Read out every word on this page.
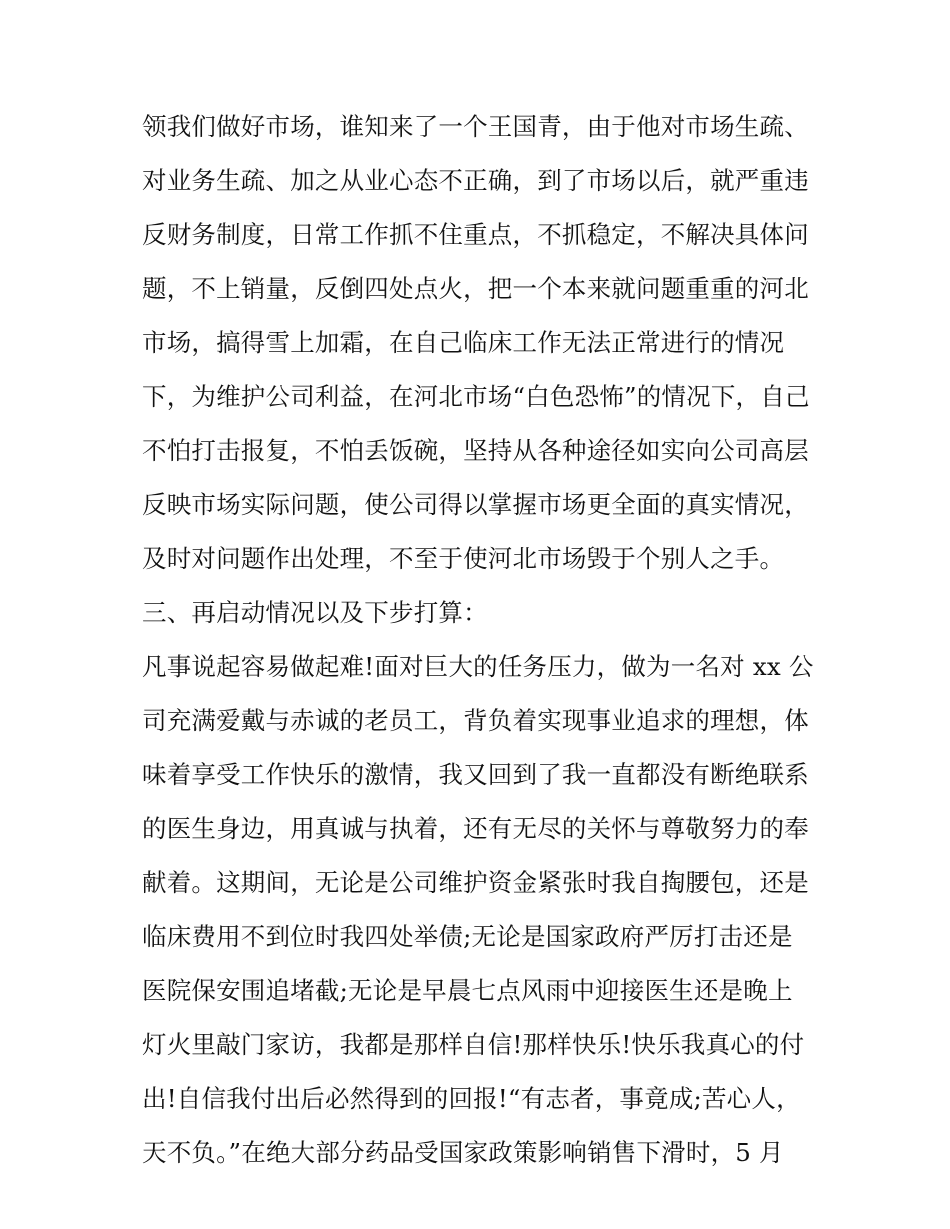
领我们做好市场，谁知来了一个王国青，由于他对市场生疏、
对业务生疏、加之从业心态不正确，到了市场以后，就严重违
反财务制度，日常工作抓不住重点，不抓稳定，不解决具体问
题，不上销量，反倒四处点火，把一个本来就问题重重的河北
市场，搞得雪上加霜，在自己临床工作无法正常进行的情况
下，为维护公司利益，在河北市场“白色恐怖”的情况下，自己
不怕打击报复，不怕丢饭碗，坚持从各种途径如实向公司高层
反映市场实际问题，使公司得以掌握市场更全面的真实情况，
及时对问题作出处理，不至于使河北市场毁于个别人之手。
三、再启动情况以及下步打算：
凡事说起容易做起难!面对巨大的任务压力，做为一名对 xx 公
司充满爱戴与赤诚的老员工，背负着实现事业追求的理想，体
味着享受工作快乐的激情，我又回到了我一直都没有断绝联系
的医生身边，用真诚与执着，还有无尽的关怀与尊敬努力的奉
献着。这期间，无论是公司维护资金紧张时我自掏腰包，还是
临床费用不到位时我四处举债;无论是国家政府严厉打击还是
医院保安围追堵截;无论是早晨七点风雨中迎接医生还是晚上
灯火里敲门家访，我都是那样自信!那样快乐!快乐我真心的付
出!自信我付出后必然得到的回报!“有志者，事竟成;苦心人，
天不负。”在绝大部分药品受国家政策影响销售下滑时，5 月
